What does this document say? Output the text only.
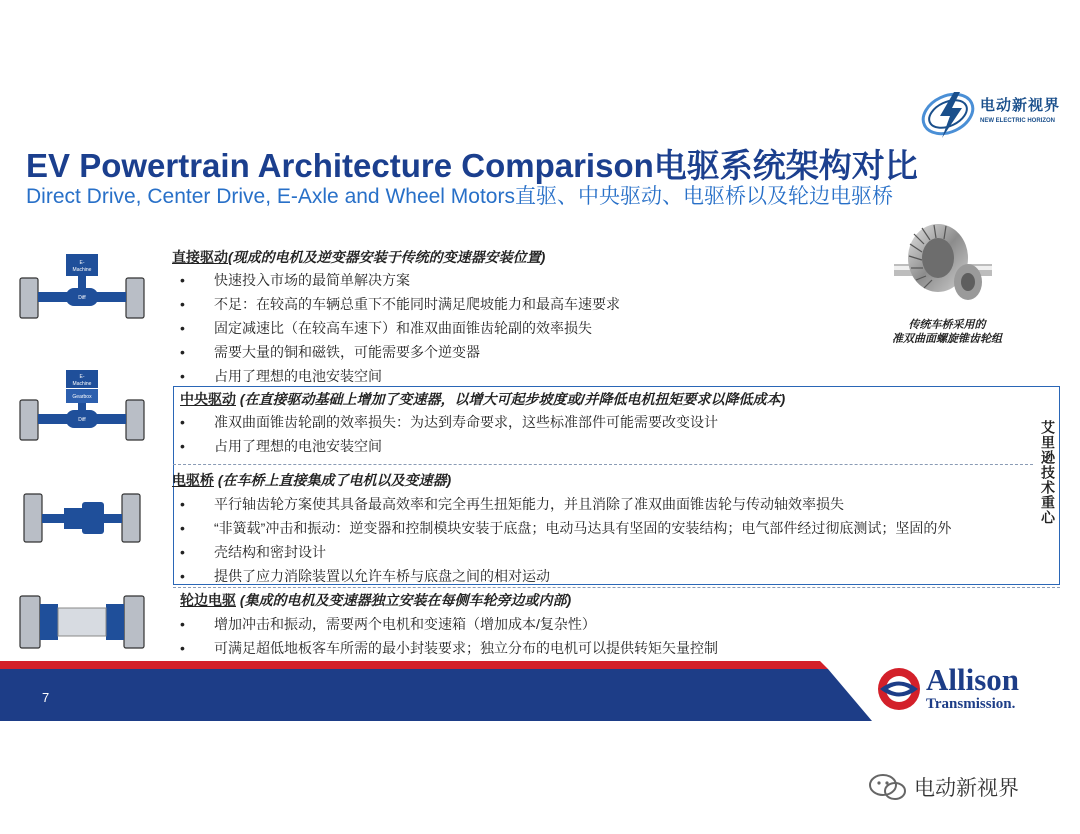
电动新视界
NEW ELECTRIC HORIZON
EV Powertrain Architecture Comparison电驱系统架构对比
Direct Drive, Center Drive, E-Axle and Wheel Motors直驱、中央驱动、电驱桥以及轮边电驱桥
传统车桥采用的
准双曲面螺旋锥齿轮组
E-
Machine
Diff
E-
Machine
Gearbox
Diff	艾里逊技术重心
直接驱动(现成的电机及逆变器安装于传统的变速器安装位置)
• 快速投入市场的最简单解决方案
• 不足：在较高的车辆总重下不能同时满足爬坡能力和最高车速要求
• 固定减速比（在较高车速下）和准双曲面锥齿轮副的效率损失
• 需要大量的铜和磁铁，可能需要多个逆变器
• 占用了理想的电池安装空间
中央驱动 (在直接驱动基础上增加了变速器，以增大可起步坡度或/并降低电机扭矩要求以降低成本)
• 准双曲面锥齿轮副的效率损失：为达到寿命要求，这些标准部件可能需要改变设计
• 占用了理想的电池安装空间
电驱桥 (在车桥上直接集成了电机以及变速器)
• 平行轴齿轮方案使其具备最高效率和完全再生扭矩能力，并且消除了准双曲面锥齿轮与传动轴效率损失
• “非簧载”冲击和振动：逆变器和控制模块安装于底盘；电动马达具有坚固的安装结构；电气部件经过彻底测试；坚固的外
• 壳结构和密封设计
• 提供了应力消除装置以允许车桥与底盘之间的相对运动
轮边电驱 (集成的电机及变速器独立安装在每侧车轮旁边或内部)
• 增加冲击和振动，需要两个电机和变速箱（增加成本/复杂性）
• 可满足超低地板客车所需的最小封装要求；独立分布的电机可以提供转矩矢量控制
7
Allison
Transmission.
电动新视界
